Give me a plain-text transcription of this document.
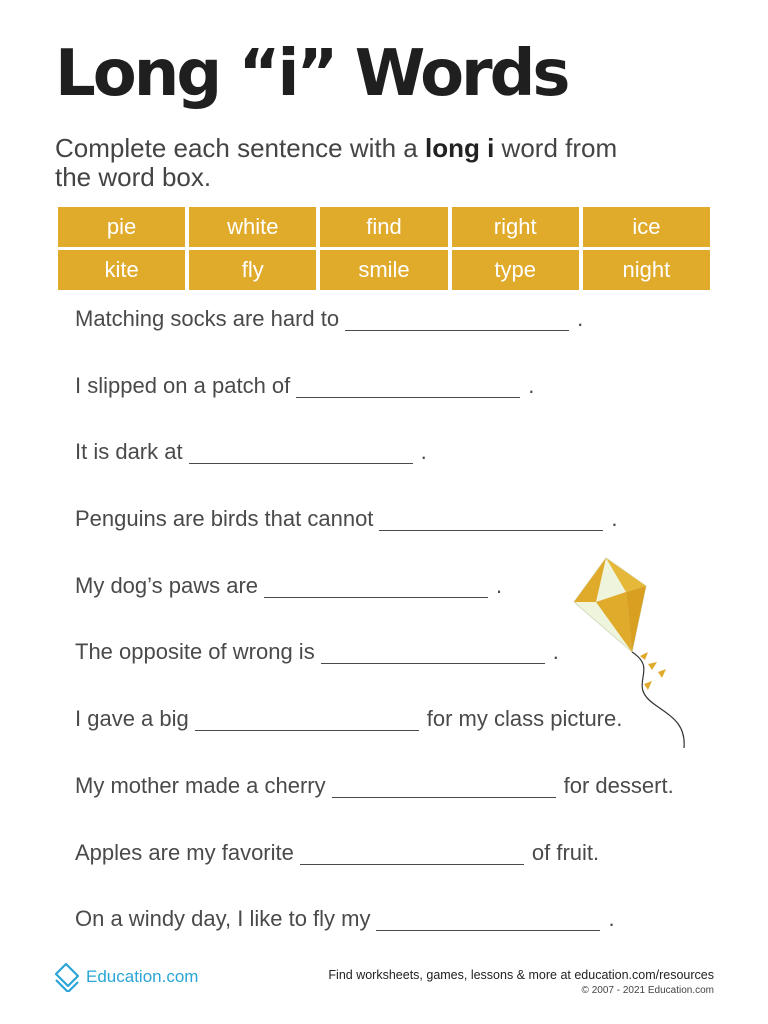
Long “i” Words
Complete each sentence with a long i word from the word box.
pie	white	find	right	ice
kite	fly	smile	type	night
Matching socks are hard to	.
I slipped on a patch of	.
It is dark at	.
Penguins are birds that cannot	.
My dog’s paws are	.
The opposite of wrong is	.
I gave a big	for my class picture.
My mother made a cherry	for dessert.
Apples are my favorite	of fruit.
On a windy day, I like to fly my	.
Education.com	Find worksheets, games, lessons & more at education.com/resources
© 2007 - 2021 Education.com
